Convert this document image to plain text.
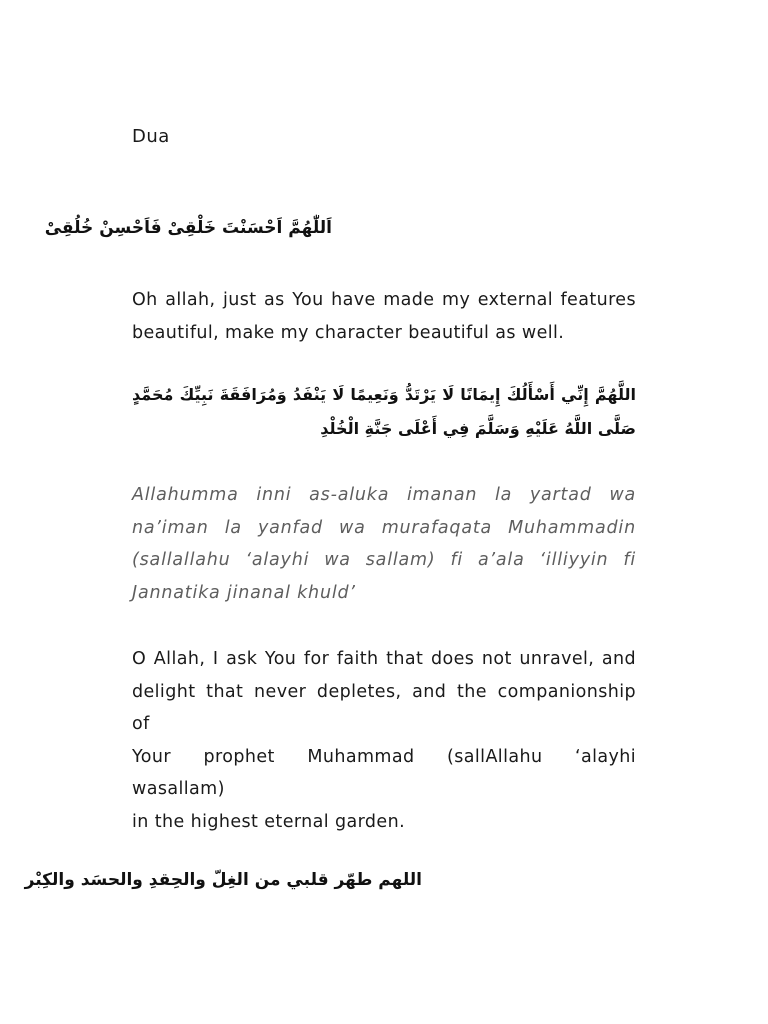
Dua
اَللّٰهُمَّ اَحْسَنْتَ خَلْقِىْ فَاَحْسِنْ خُلُقِىْ
Oh allah, just as You have made my external features
beautiful, make my character beautiful as well.
اللَّهُمَّ إِنِّي أَسْأَلُكَ إِيمَانًا لَا يَرْتَدُّ وَنَعِيمًا لَا يَنْفَدُ وَمُرَافَقَةَ نَبِيِّكَ مُحَمَّدٍ صَلَّى اللَّهُ عَلَيْهِ وَسَلَّمَ فِي أَعْلَى جَنَّةِ الْخُلْدِ
Allahumma inni as-aluka imanan la yartad wa
na’iman la yanfad wa murafaqata Muhammadin
(sallallahu ‘alayhi wa sallam) fi a’ala ‘illiyyin fi
Jannatika jinanal khuld’
O Allah, I ask You for faith that does not unravel, and
delight that never depletes, and the companionship
of
Your prophet Muhammad (sallAllahu ‘alayhi
wasallam)
in the highest eternal garden.
اللهم طهّر قلبي من الغِلّ والحِقدِ والحسَد والكِبْر
